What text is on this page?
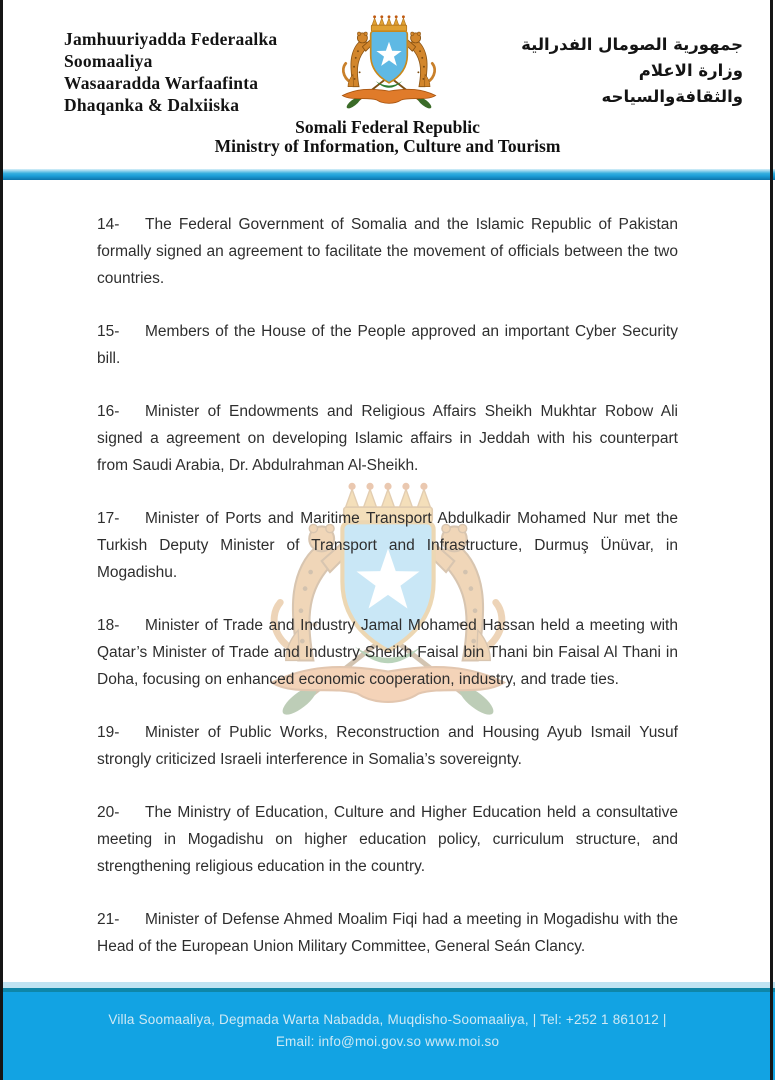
Jamhuuriyadda Federaalka
Soomaaliya
Wasaaradda Warfaafinta
Dhaqanka & Dalxiiska
جمهورية الصومال الفدرالية
وزارة الاعلام
والثقافةوالسياحه
Somali Federal Republic
Ministry of Information, Culture and Tourism

14- The Federal Government of Somalia and the Islamic Republic of Pakistan formally signed an agreement to facilitate the movement of officials between the two countries.

15- Members of the House of the People approved an important Cyber Security bill.

16- Minister of Endowments and Religious Affairs Sheikh Mukhtar Robow Ali signed a agreement on developing Islamic affairs in Jeddah with his counterpart from Saudi Arabia, Dr. Abdulrahman Al-Sheikh.

17- Minister of Ports and Maritime Transport Abdulkadir Mohamed Nur met the Turkish Deputy Minister of Transport and Infrastructure, Durmuş Ünüvar, in Mogadishu.

18- Minister of Trade and Industry Jamal Mohamed Hassan held a meeting with Qatar’s Minister of Trade and Industry Sheikh Faisal bin Thani bin Faisal Al Thani in Doha, focusing on enhanced economic cooperation, industry, and trade ties.

19- Minister of Public Works, Reconstruction and Housing Ayub Ismail Yusuf strongly criticized Israeli interference in Somalia’s sovereignty.

20- The Ministry of Education, Culture and Higher Education held a consultative meeting in Mogadishu on higher education policy, curriculum structure, and strengthening religious education in the country.

21- Minister of Defense Ahmed Moalim Fiqi had a meeting in Mogadishu with the Head of the European Union Military Committee, General Seán Clancy.

Villa Soomaaliya, Degmada Warta Nabadda, Muqdisho-Soomaaliya, | Tel: +252 1 861012 |
Email: info@moi.gov.so www.moi.so
